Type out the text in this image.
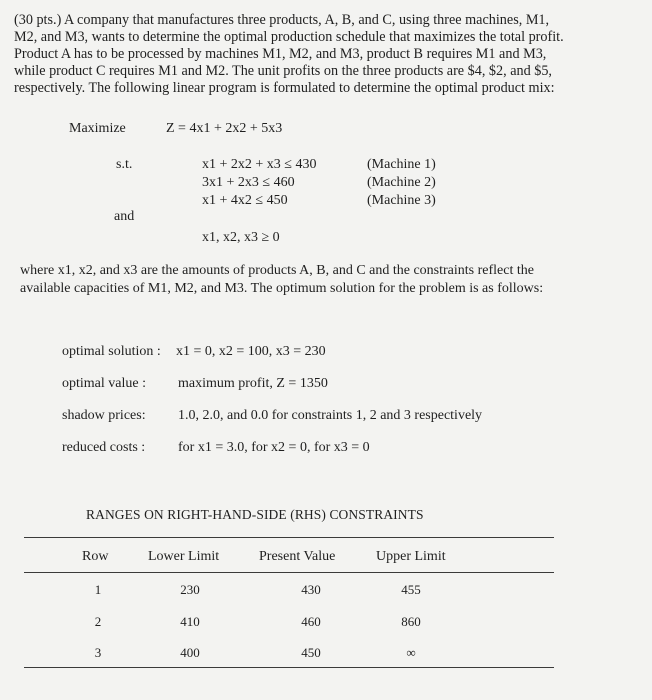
(30 pts.) A company that manufactures three products, A, B, and C, using three machines, M1,
M2, and M3, wants to determine the optimal production schedule that maximizes the total profit.
Product A has to be processed by machines M1, M2, and M3, product B requires M1 and M3,
while product C requires M1 and M2. The unit profits on the three products are $4, $2, and $5,
respectively. The following linear program is formulated to determine the optimal product mix:
Maximize	Z = 4x1 + 2x2 + 5x3
s.t.	x1 + 2x2 + x3 ≤ 430	(Machine 1)
3x1 + 2x3 ≤ 460	(Machine 2)
x1 + 4x2 ≤ 450	(Machine 3)
and
x1, x2, x3 ≥ 0
where x1, x2, and x3 are the amounts of products A, B, and C and the constraints reflect the
available capacities of M1, M2, and M3. The optimum solution for the problem is as follows:
optimal solution : x1 = 0, x2 = 100, x3 = 230
optimal value : maximum profit, Z = 1350
shadow prices: 1.0, 2.0, and 0.0 for constraints 1, 2 and 3 respectively
reduced costs : for x1 = 3.0, for x2 = 0, for x3 = 0
RANGES ON RIGHT-HAND-SIDE (RHS) CONSTRAINTS
Row	Lower Limit	Present Value	Upper Limit
1	230	430	455
2	410	460	860
3	400	450	∞
